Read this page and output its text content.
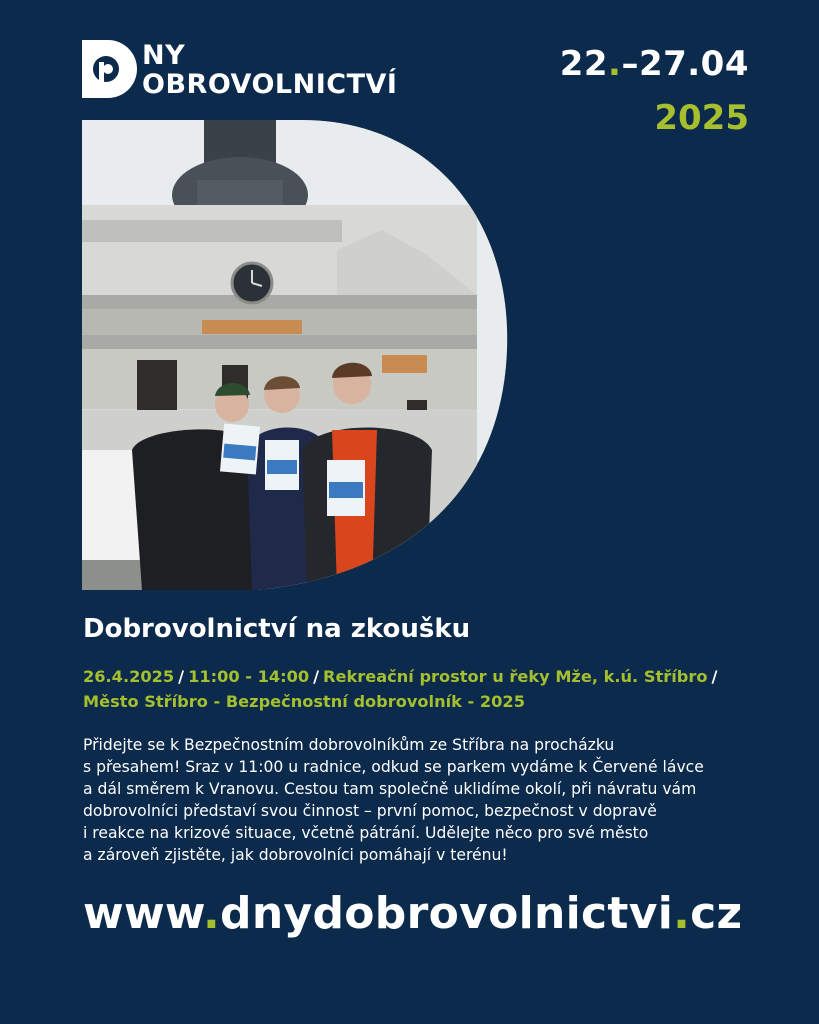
NY
OBROVOLNICTVÍ
22.–27.04
2025
Dobrovolnictví na zkoušku
26.4.2025 / 11:00 - 14:00 / Rekreační prostor u řeky Mže, k.ú. Stříbro /
Město Stříbro - Bezpečnostní dobrovolník - 2025
Přidejte se k Bezpečnostním dobrovolníkům ze Stříbra na procházku
s přesahem! Sraz v 11:00 u radnice, odkud se parkem vydáme k Červené lávce
a dál směrem k Vranovu. Cestou tam společně uklidíme okolí, při návratu vám
dobrovolníci představí svou činnost – první pomoc, bezpečnost v dopravě
i reakce na krizové situace, včetně pátrání. Udělejte něco pro své město
a zároveň zjistěte, jak dobrovolníci pomáhají v terénu!
www.dnydobrovolnictvi.cz
